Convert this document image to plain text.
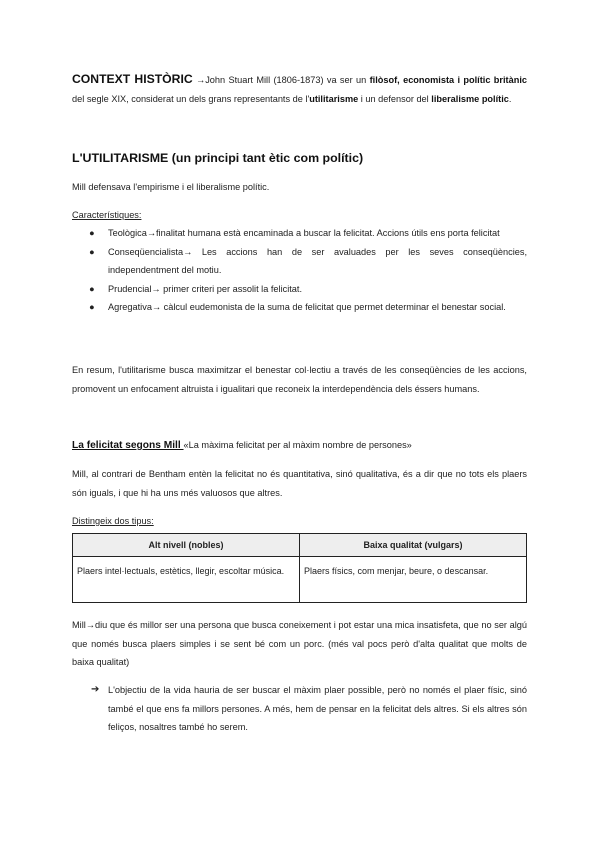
CONTEXT HISTÒRIC →John Stuart Mill (1806-1873) va ser un filòsof, economista i polític britànic del segle XIX, considerat un dels grans representants de l'utilitarisme i un defensor del liberalisme polític.

L'UTILITARISME (un principi tant ètic com polític)

Mill defensava l'empirisme i el liberalisme polític.

Característiques:

● Teològica→finalitat humana està encaminada a buscar la felicitat. Accions útils ens porta felicitat
● Conseqüencialista→ Les accions han de ser avaluades per les seves conseqüències, independentment del motiu.
● Prudencial→ primer criteri per assolit la felicitat.
● Agregativa→ càlcul eudemonista de la suma de felicitat que permet determinar el benestar social.

En resum, l'utilitarisme busca maximitzar el benestar col·lectiu a través de les conseqüències de les accions, promovent un enfocament altruista i igualitari que reconeix la interdependència dels éssers humans.

La felicitat segons Mill «La màxima felicitat per al màxim nombre de persones»

Mill, al contrari de Bentham entèn la felicitat no és quantitativa, sinó qualitativa, és a dir que no tots els plaers són iguals, i que hi ha uns més valuosos que altres.

Distingeix dos tipus:

Alt nivell (nobles)	Baixa qualitat (vulgars)
Plaers intel·lectuals, estètics, llegir, escoltar música.	Plaers físics, com menjar, beure, o descansar.

Mill→diu que és millor ser una persona que busca coneixement i pot estar una mica insatisfeta, que no ser algú que només busca plaers simples i se sent bé com un porc. (més val pocs però d'alta qualitat que molts de baixa qualitat)

➔ L'objectiu de la vida hauria de ser buscar el màxim plaer possible, però no només el plaer físic, sinó també el que ens fa millors persones. A més, hem de pensar en la felicitat dels altres. Si els altres són feliços, nosaltres també ho serem.
